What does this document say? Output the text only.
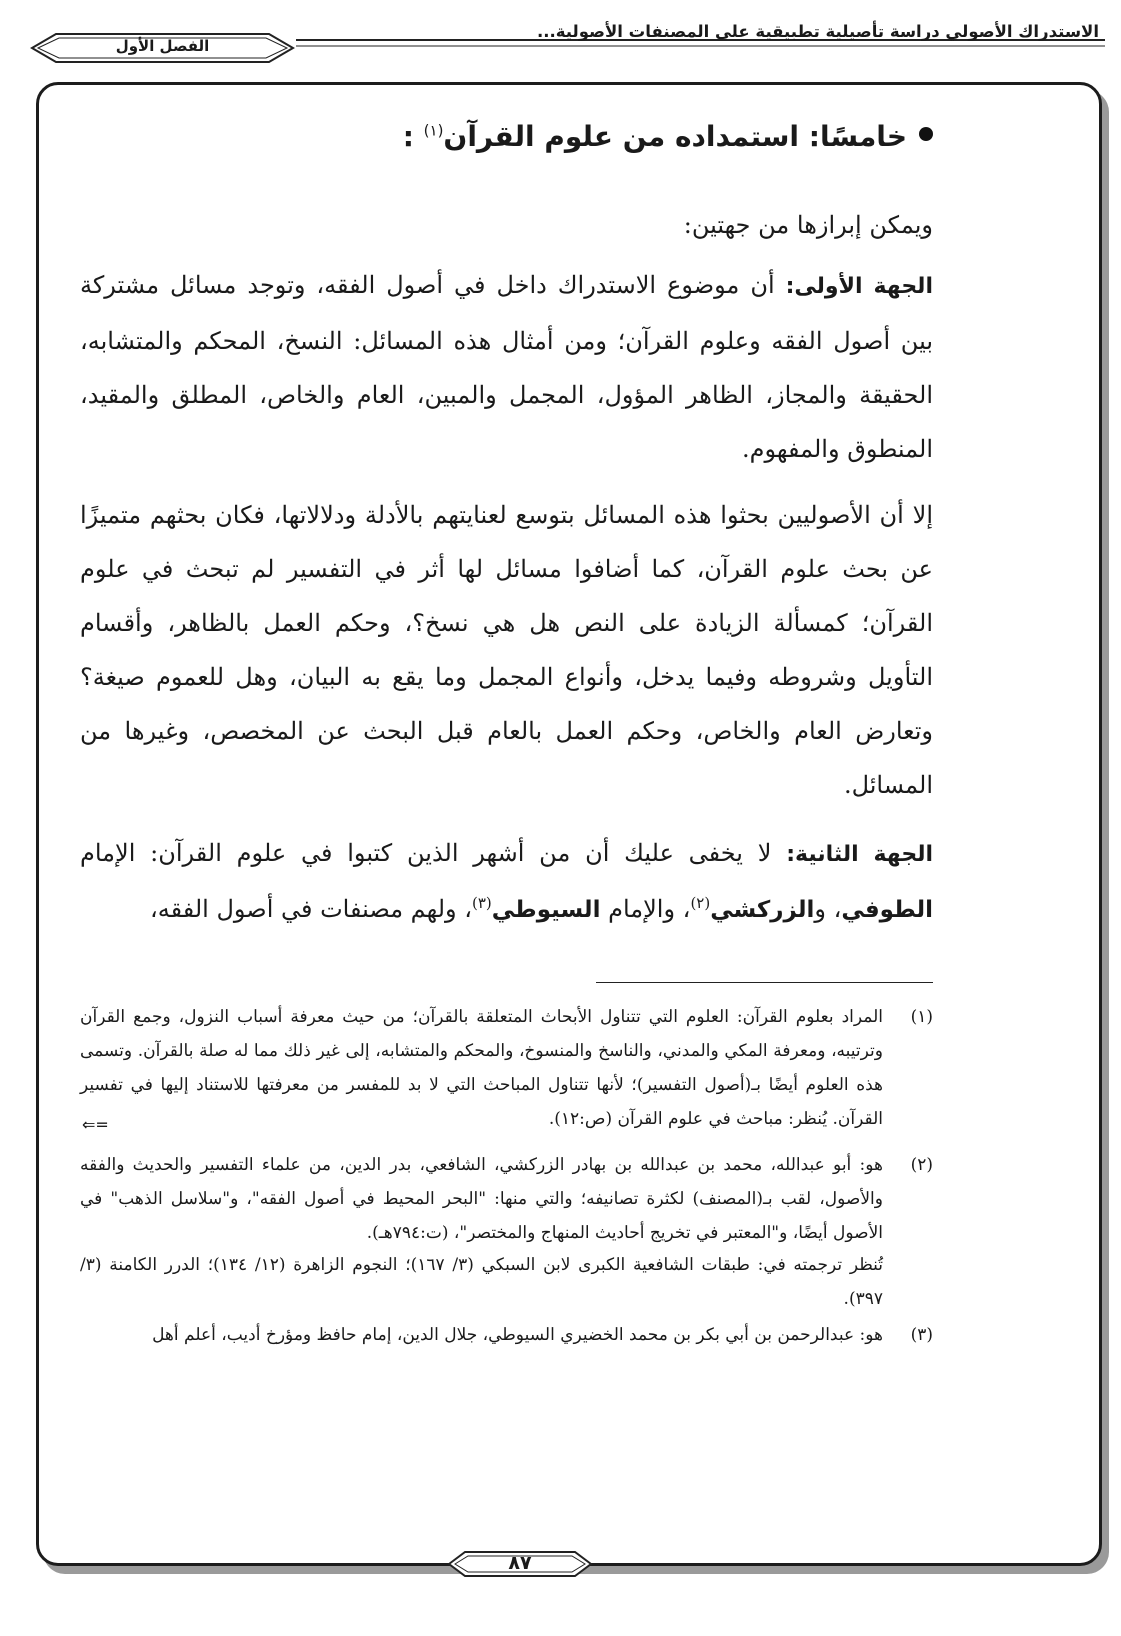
الاستدراك الأصولي دراسة تأصيلية تطبيقية على المصنفات الأصولية...
الفصل الأول
خامسًا: استمداده من علوم القرآن$^{(١)}$ :
ويمكن إبرازها من جهتين:
الجهة الأولى: أن موضوع الاستدراك داخل في أصول الفقه، وتوجد مسائل مشتركة بين أصول الفقه وعلوم القرآن؛ ومن أمثال هذه المسائل: النسخ، المحكم والمتشابه، الحقيقة والمجاز، الظاهر المؤول، المجمل والمبين، العام والخاص، المطلق والمقيد، المنطوق والمفهوم.
إلا أن الأصوليين بحثوا هذه المسائل بتوسع لعنايتهم بالأدلة ودلالاتها، فكان بحثهم متميزًا عن بحث علوم القرآن، كما أضافوا مسائل لها أثر في التفسير لم تبحث في علوم القرآن؛ كمسألة الزيادة على النص هل هي نسخ؟، وحكم العمل بالظاهر، وأقسام التأويل وشروطه وفيما يدخل، وأنواع المجمل وما يقع به البيان، وهل للعموم صيغة؟ وتعارض العام والخاص، وحكم العمل بالعام قبل البحث عن المخصص، وغيرها من المسائل.
الجهة الثانية: لا يخفى عليك أن من أشهر الذين كتبوا في علوم القرآن: الإمام الطوفي، والزركشي$^{(٢)}$، والإمام السيوطي$^{(٣)}$، ولهم مصنفات في أصول الفقه،
(١)
المراد بعلوم القرآن: العلوم التي تتناول الأبحاث المتعلقة بالقرآن؛ من حيث معرفة أسباب النزول، وجمع القرآن وترتيبه، ومعرفة المكي والمدني، والناسخ والمنسوخ، والمحكم والمتشابه، إلى غير ذلك مما له صلة بالقرآن. وتسمى هذه العلوم أيضًا بـ(أصول التفسير)؛ لأنها تتناول المباحث التي لا بد للمفسر من معرفتها للاستناد إليها في تفسير القرآن. يُنظر: مباحث في علوم القرآن (ص:١٢).
(٢)
هو: أبو عبدالله، محمد بن عبدالله بن بهادر الزركشي، الشافعي، بدر الدين، من علماء التفسير والحديث والفقه والأصول، لقب بـ(المصنف) لكثرة تصانيفه؛ والتي منها: "البحر المحيط في أصول الفقه"، و"سلاسل الذهب" في الأصول أيضًا، و"المعتبر في تخريج أحاديث المنهاج والمختصر"، (ت:٧٩٤هـ).
تُنظر ترجمته في: طبقات الشافعية الكبرى لابن السبكي (٣/ ١٦٧)؛ النجوم الزاهرة (١٢/ ١٣٤)؛ الدرر الكامنة (٣/ ٣٩٧).
(٣)
هو: عبدالرحمن بن أبي بكر بن محمد الخضيري السيوطي، جلال الدين، إمام حافظ ومؤرخ أديب، أعلم أهل
⇐=
٨٧
